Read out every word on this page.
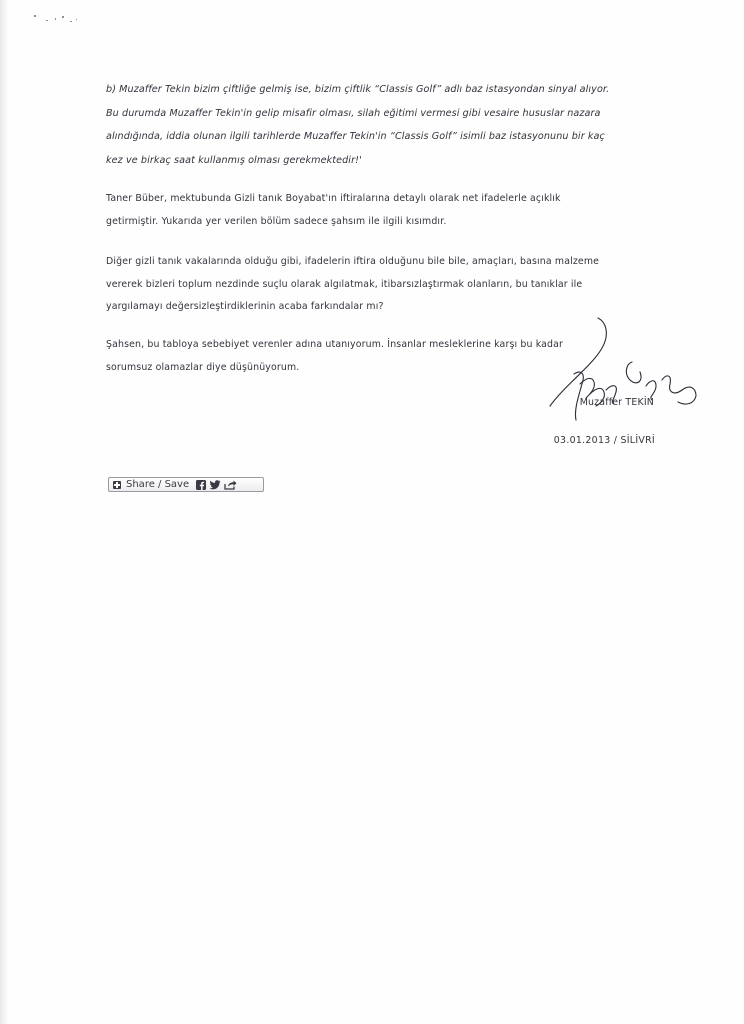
b) Muzaffer Tekin bizim çiftliğe gelmiş ise, bizim çiftlik “Classis Golf” adlı baz istasyondan sinyal alıyor.
Bu durumda Muzaffer Tekin'in gelip misafir olması, silah eğitimi vermesi gibi vesaire hususlar nazara
alındığında, iddia olunan ilgili tarihlerde Muzaffer Tekin'in “Classis Golf” isimli baz istasyonunu bir kaç
kez ve birkaç saat kullanmış olması gerekmektedir!'

Taner Büber, mektubunda Gizli tanık Boyabat'ın iftiralarına detaylı olarak net ifadelerle açıklık
getirmiştir. Yukarıda yer verilen bölüm sadece şahsım ile ilgili kısımdır.

Diğer gizli tanık vakalarında olduğu gibi, ifadelerin iftira olduğunu bile bile, amaçları, basına malzeme
vererek bizleri toplum nezdinde suçlu olarak algılatmak, itibarsızlaştırmak olanların, bu tanıklar ile
yargılamayı değersizleştirdiklerinin acaba farkındalar mı?

Şahsen, bu tabloya sebebiyet verenler adına utanıyorum. İnsanlar mesleklerine karşı bu kadar
sorumsuz olamazlar diye düşünüyorum.

Muzaffer TEKİN
03.01.2013 / SİLİVRİ
Share / Save
